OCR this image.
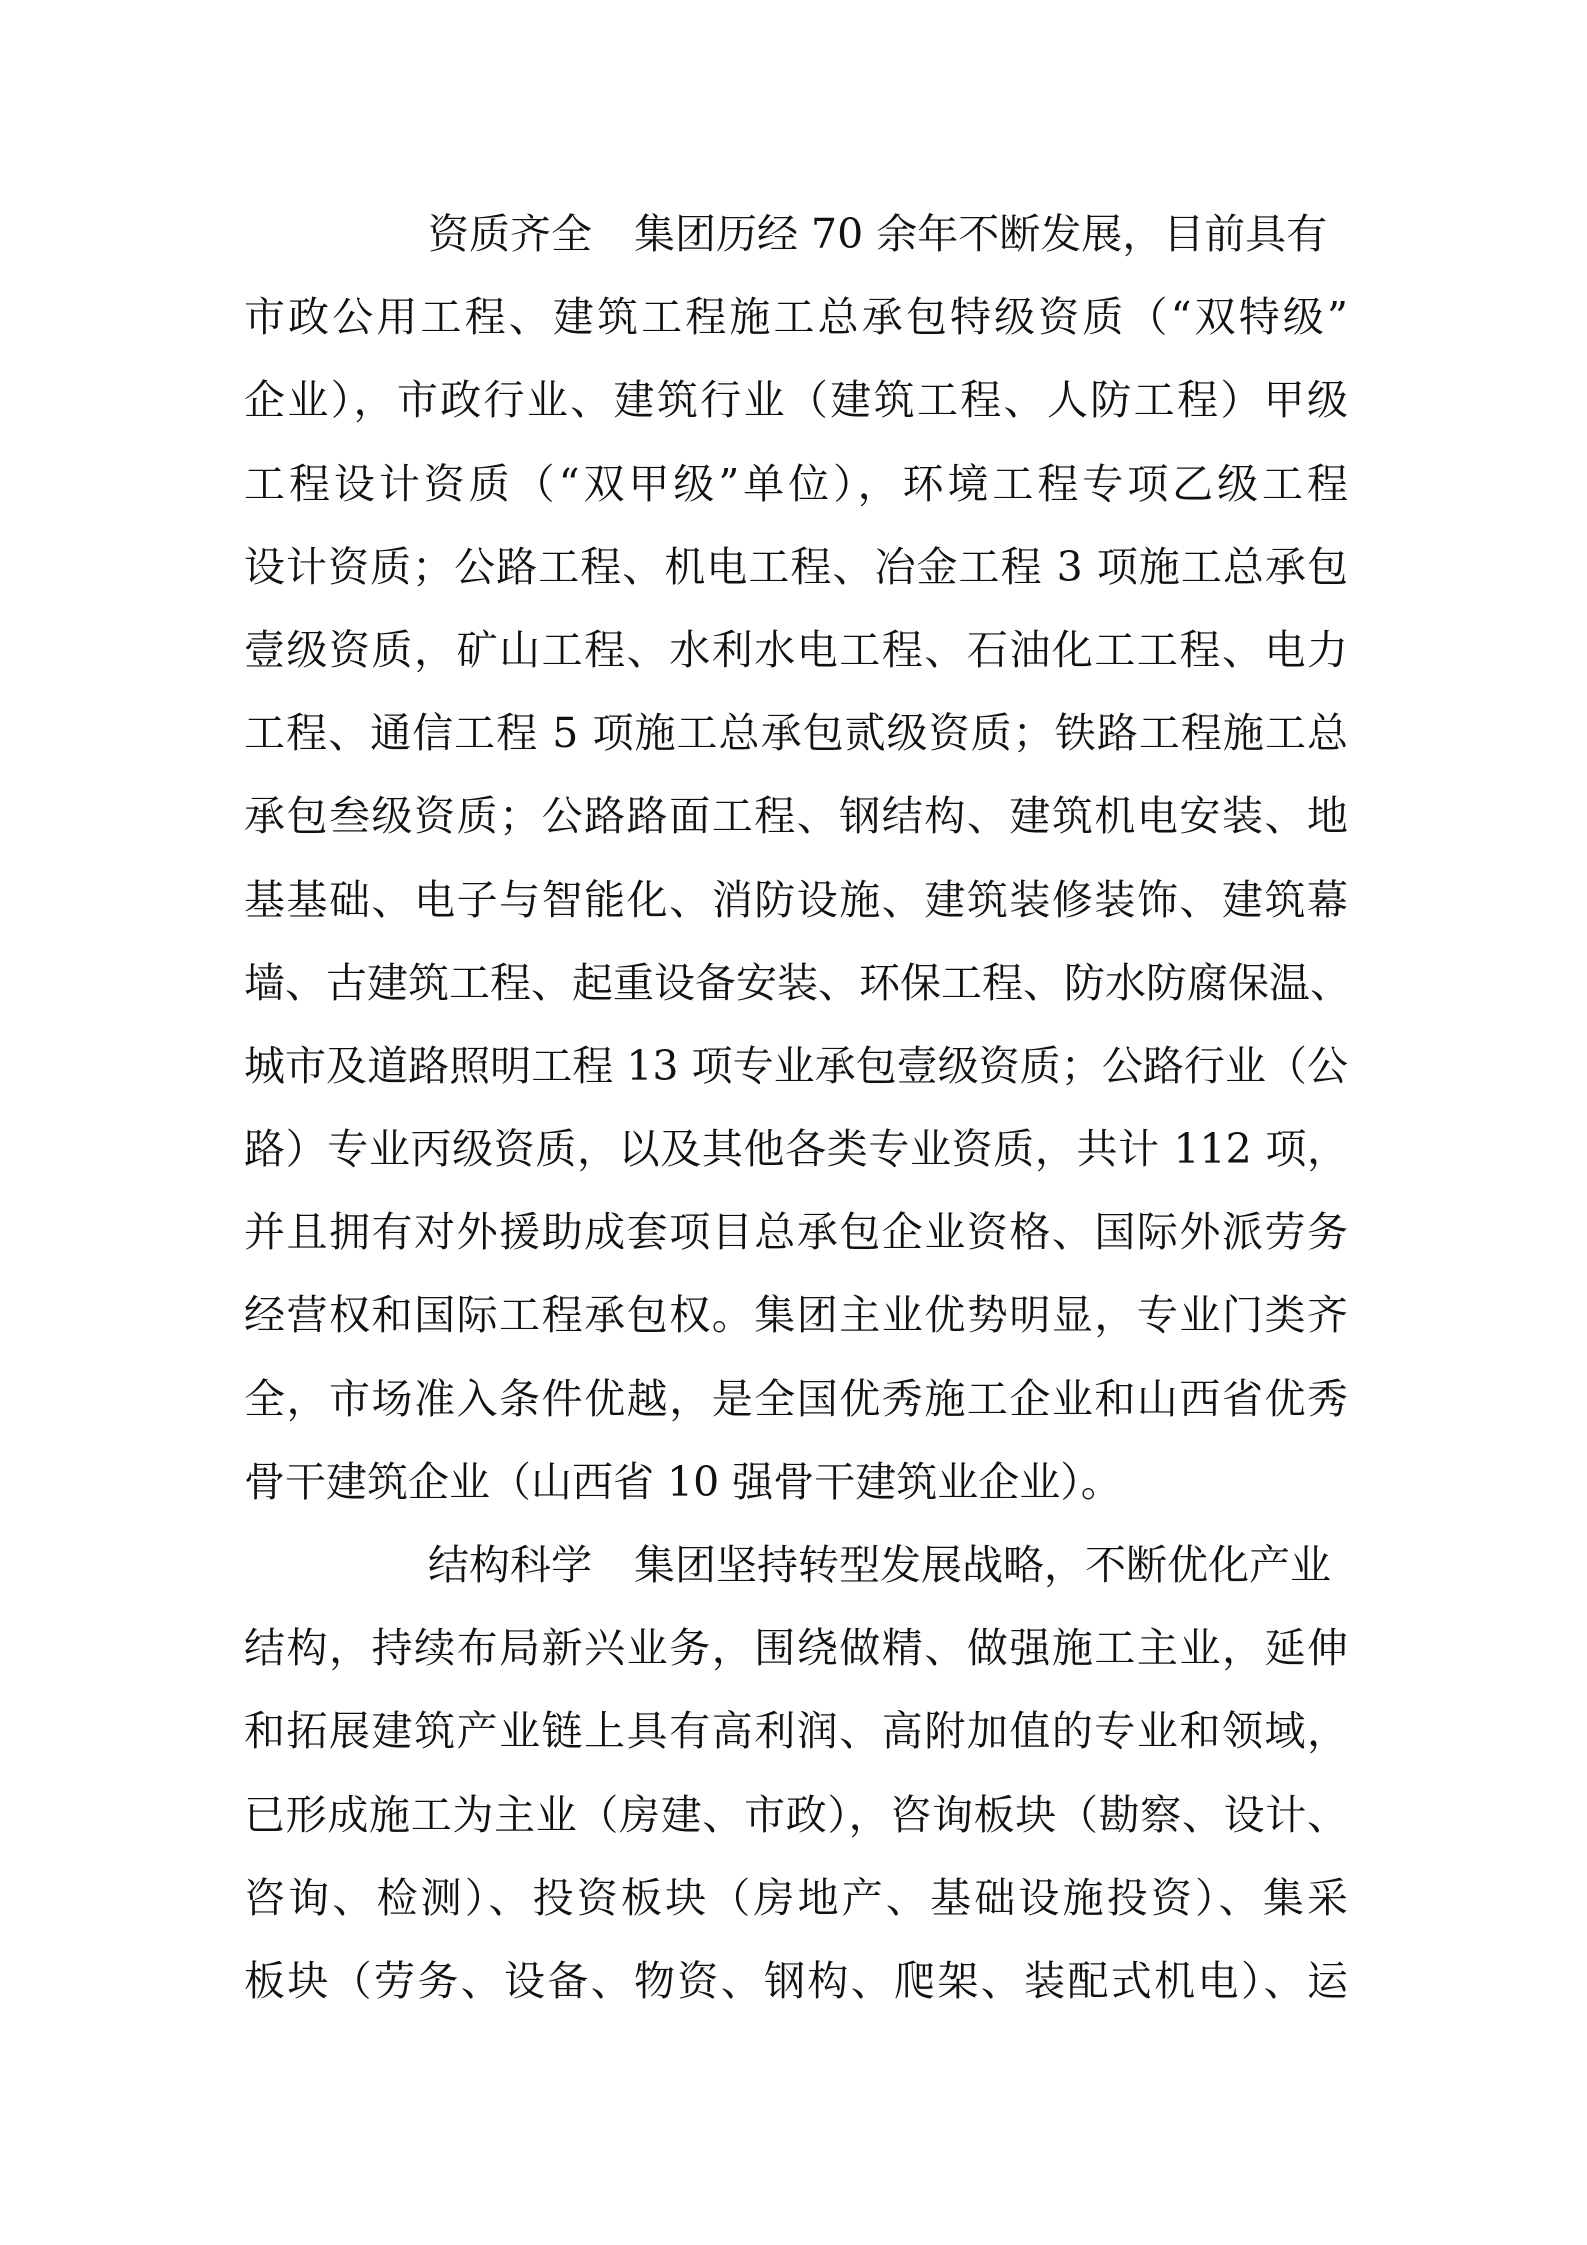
资质齐全 集团历经 70 余年不断发展，目前具有
市政公用工程、建筑工程施工总承包特级资质（“双特级”
企业），市政行业、建筑行业（建筑工程、人防工程）甲级
工程设计资质（“双甲级”单位），环境工程专项乙级工程
设计资质；公路工程、机电工程、冶金工程 3 项施工总承包
壹级资质，矿山工程、水利水电工程、石油化工工程、电力
工程、通信工程 5 项施工总承包贰级资质；铁路工程施工总
承包叁级资质；公路路面工程、钢结构、建筑机电安装、地
基基础、电子与智能化、消防设施、建筑装修装饰、建筑幕
墙、古建筑工程、起重设备安装、环保工程、防水防腐保温、
城市及道路照明工程 13 项专业承包壹级资质；公路行业（公
路）专业丙级资质，以及其他各类专业资质，共计 112 项，
并且拥有对外援助成套项目总承包企业资格、国际外派劳务
经营权和国际工程承包权。集团主业优势明显，专业门类齐
全，市场准入条件优越，是全国优秀施工企业和山西省优秀
骨干建筑企业（山西省 10 强骨干建筑业企业）。
结构科学 集团坚持转型发展战略，不断优化产业
结构，持续布局新兴业务，围绕做精、做强施工主业，延伸
和拓展建筑产业链上具有高利润、高附加值的专业和领域，
已形成施工为主业（房建、市政），咨询板块（勘察、设计、
咨询、检测）、投资板块（房地产、基础设施投资）、集采
板块（劳务、设备、物资、钢构、爬架、装配式机电）、运
